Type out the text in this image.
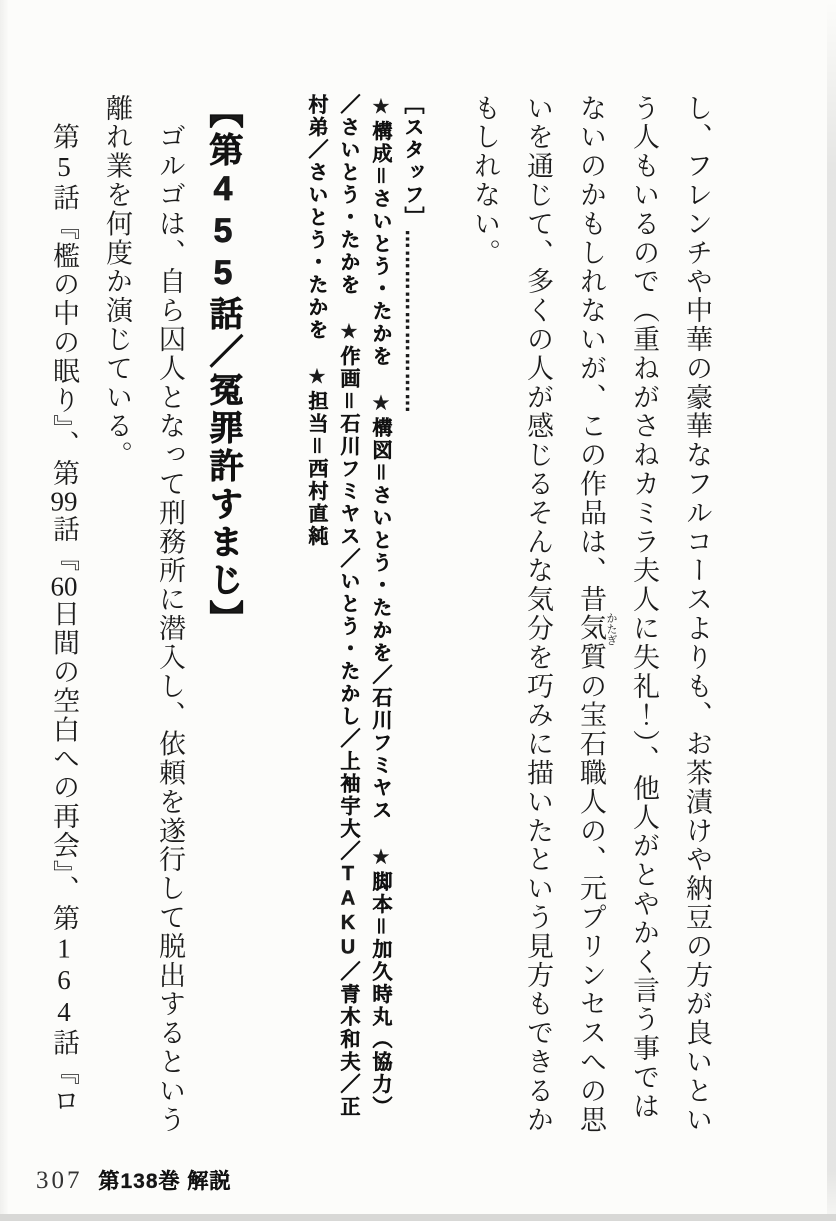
し、フレンチや中華の豪華なフルコースよりも、お茶漬けや納豆の方が良いという人もいるので（重ねがさねカミラ夫人に失礼！）、他人がとやかく言う事ではないのかもしれないが、この作品は、昔気質 かたぎの宝石職人の、元プリンセスへの思いを通じて、多くの人が感じるそんな気分を巧みに描いたという見方もできるかもしれない。

［スタッフ］………………………

★構成＝さいとう・たかを　★構図＝さいとう・たかを／石川フミヤス　★脚本＝加久時丸（協力）／さいとう・たかを　★作画＝石川フミヤス／いとう・たかし／上袖宇大／TAKU／青木和夫／正村弟／さいとう・たかを　★担当＝西村直純

【第455話／冤罪許すまじ】

　ゴルゴは、自ら囚人となって刑務所に潜入し、依頼を遂行して脱出するという離れ業を何度か演じている。

　第5話『檻の中の眠り』、第99話『60日間の空白への再会』、第164話『ロ

307 第138巻 解説
